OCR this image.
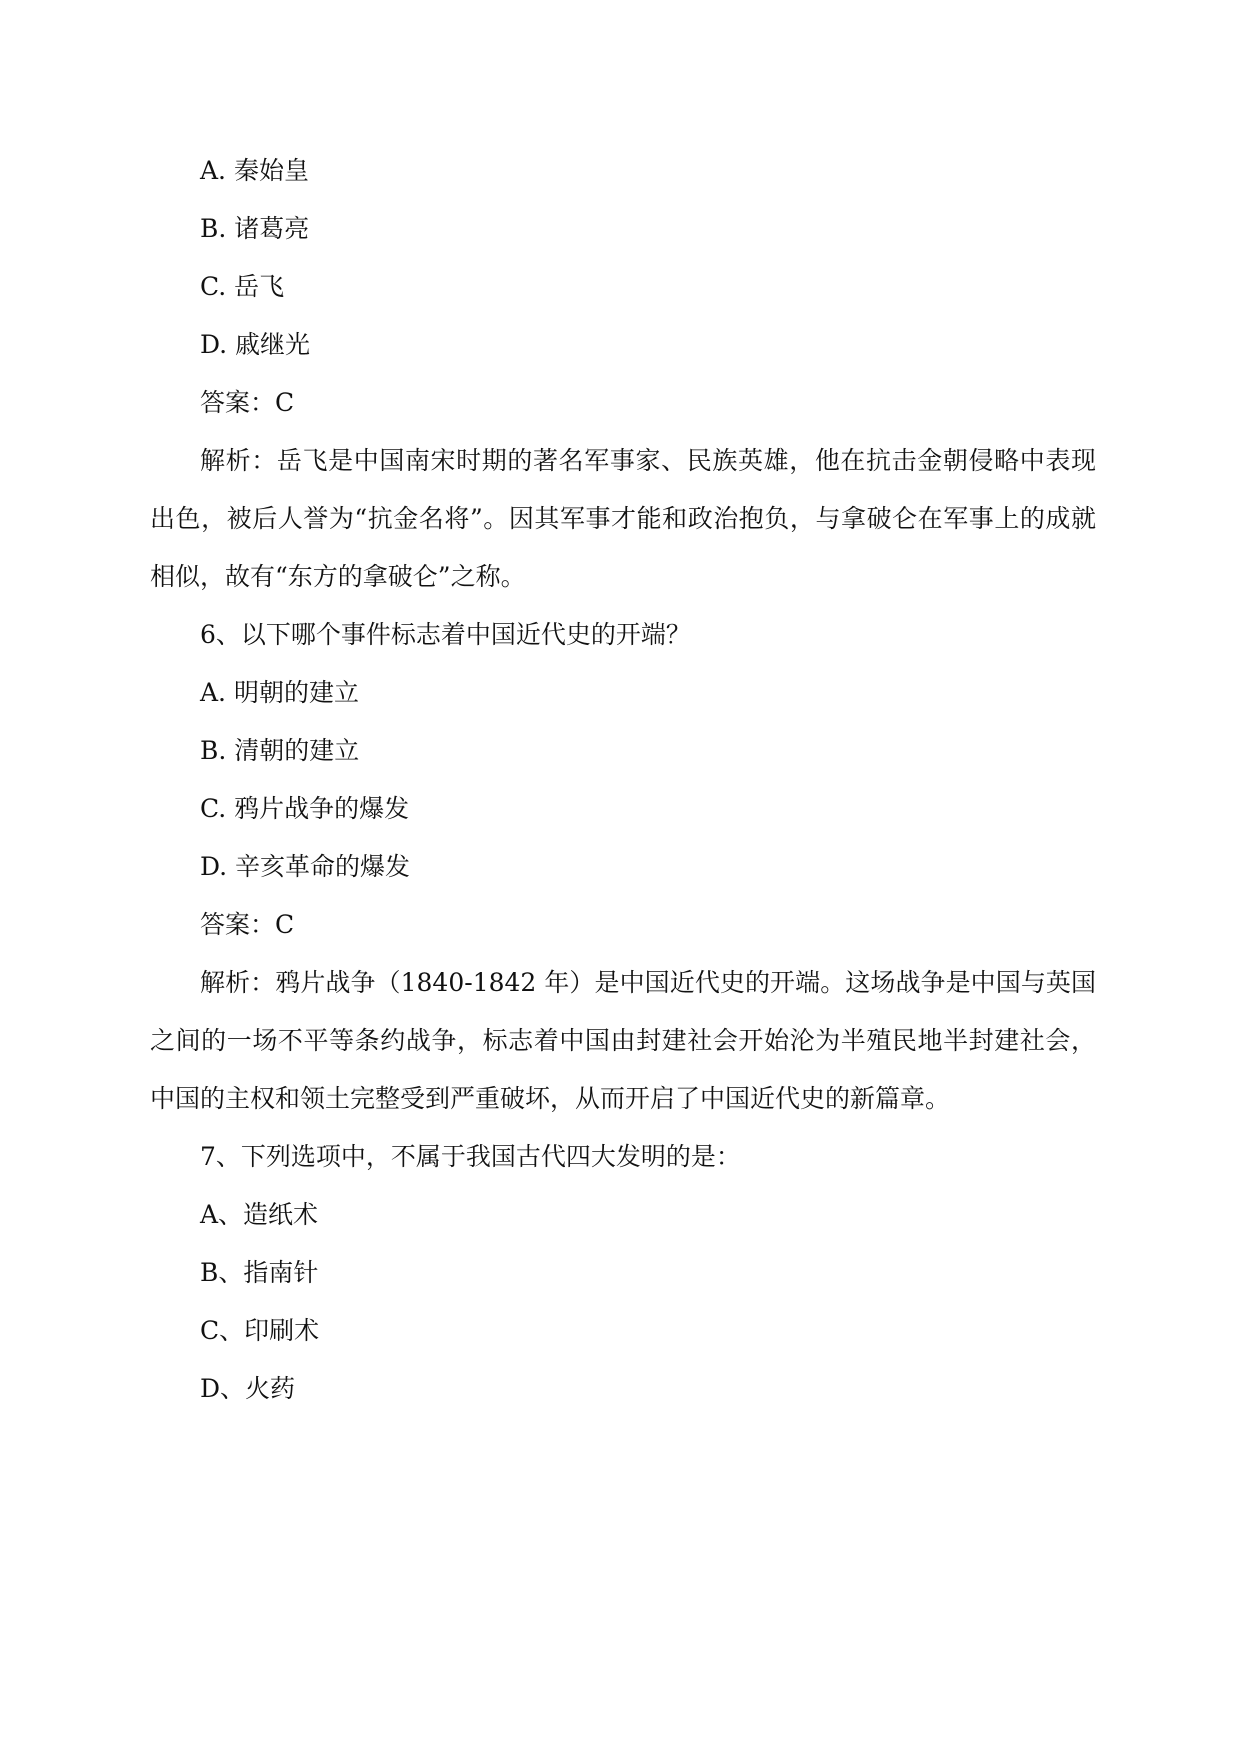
A. 秦始皇

B. 诸葛亮

C. 岳飞

D. 戚继光

答案：C

解析：岳飞是中国南宋时期的著名军事家、民族英雄，他在抗击金朝侵略中表现出色，被后人誉为“抗金名将”。因其军事才能和政治抱负，与拿破仑在军事上的成就相似，故有“东方的拿破仑”之称。

6、以下哪个事件标志着中国近代史的开端？

A. 明朝的建立

B. 清朝的建立

C. 鸦片战争的爆发

D. 辛亥革命的爆发

答案：C

解析：鸦片战争（1840-1842 年）是中国近代史的开端。这场战争是中国与英国之间的一场不平等条约战争，标志着中国由封建社会开始沦为半殖民地半封建社会，中国的主权和领土完整受到严重破坏，从而开启了中国近代史的新篇章。

7、下列选项中，不属于我国古代四大发明的是：

A、造纸术

B、指南针

C、印刷术

D、火药
